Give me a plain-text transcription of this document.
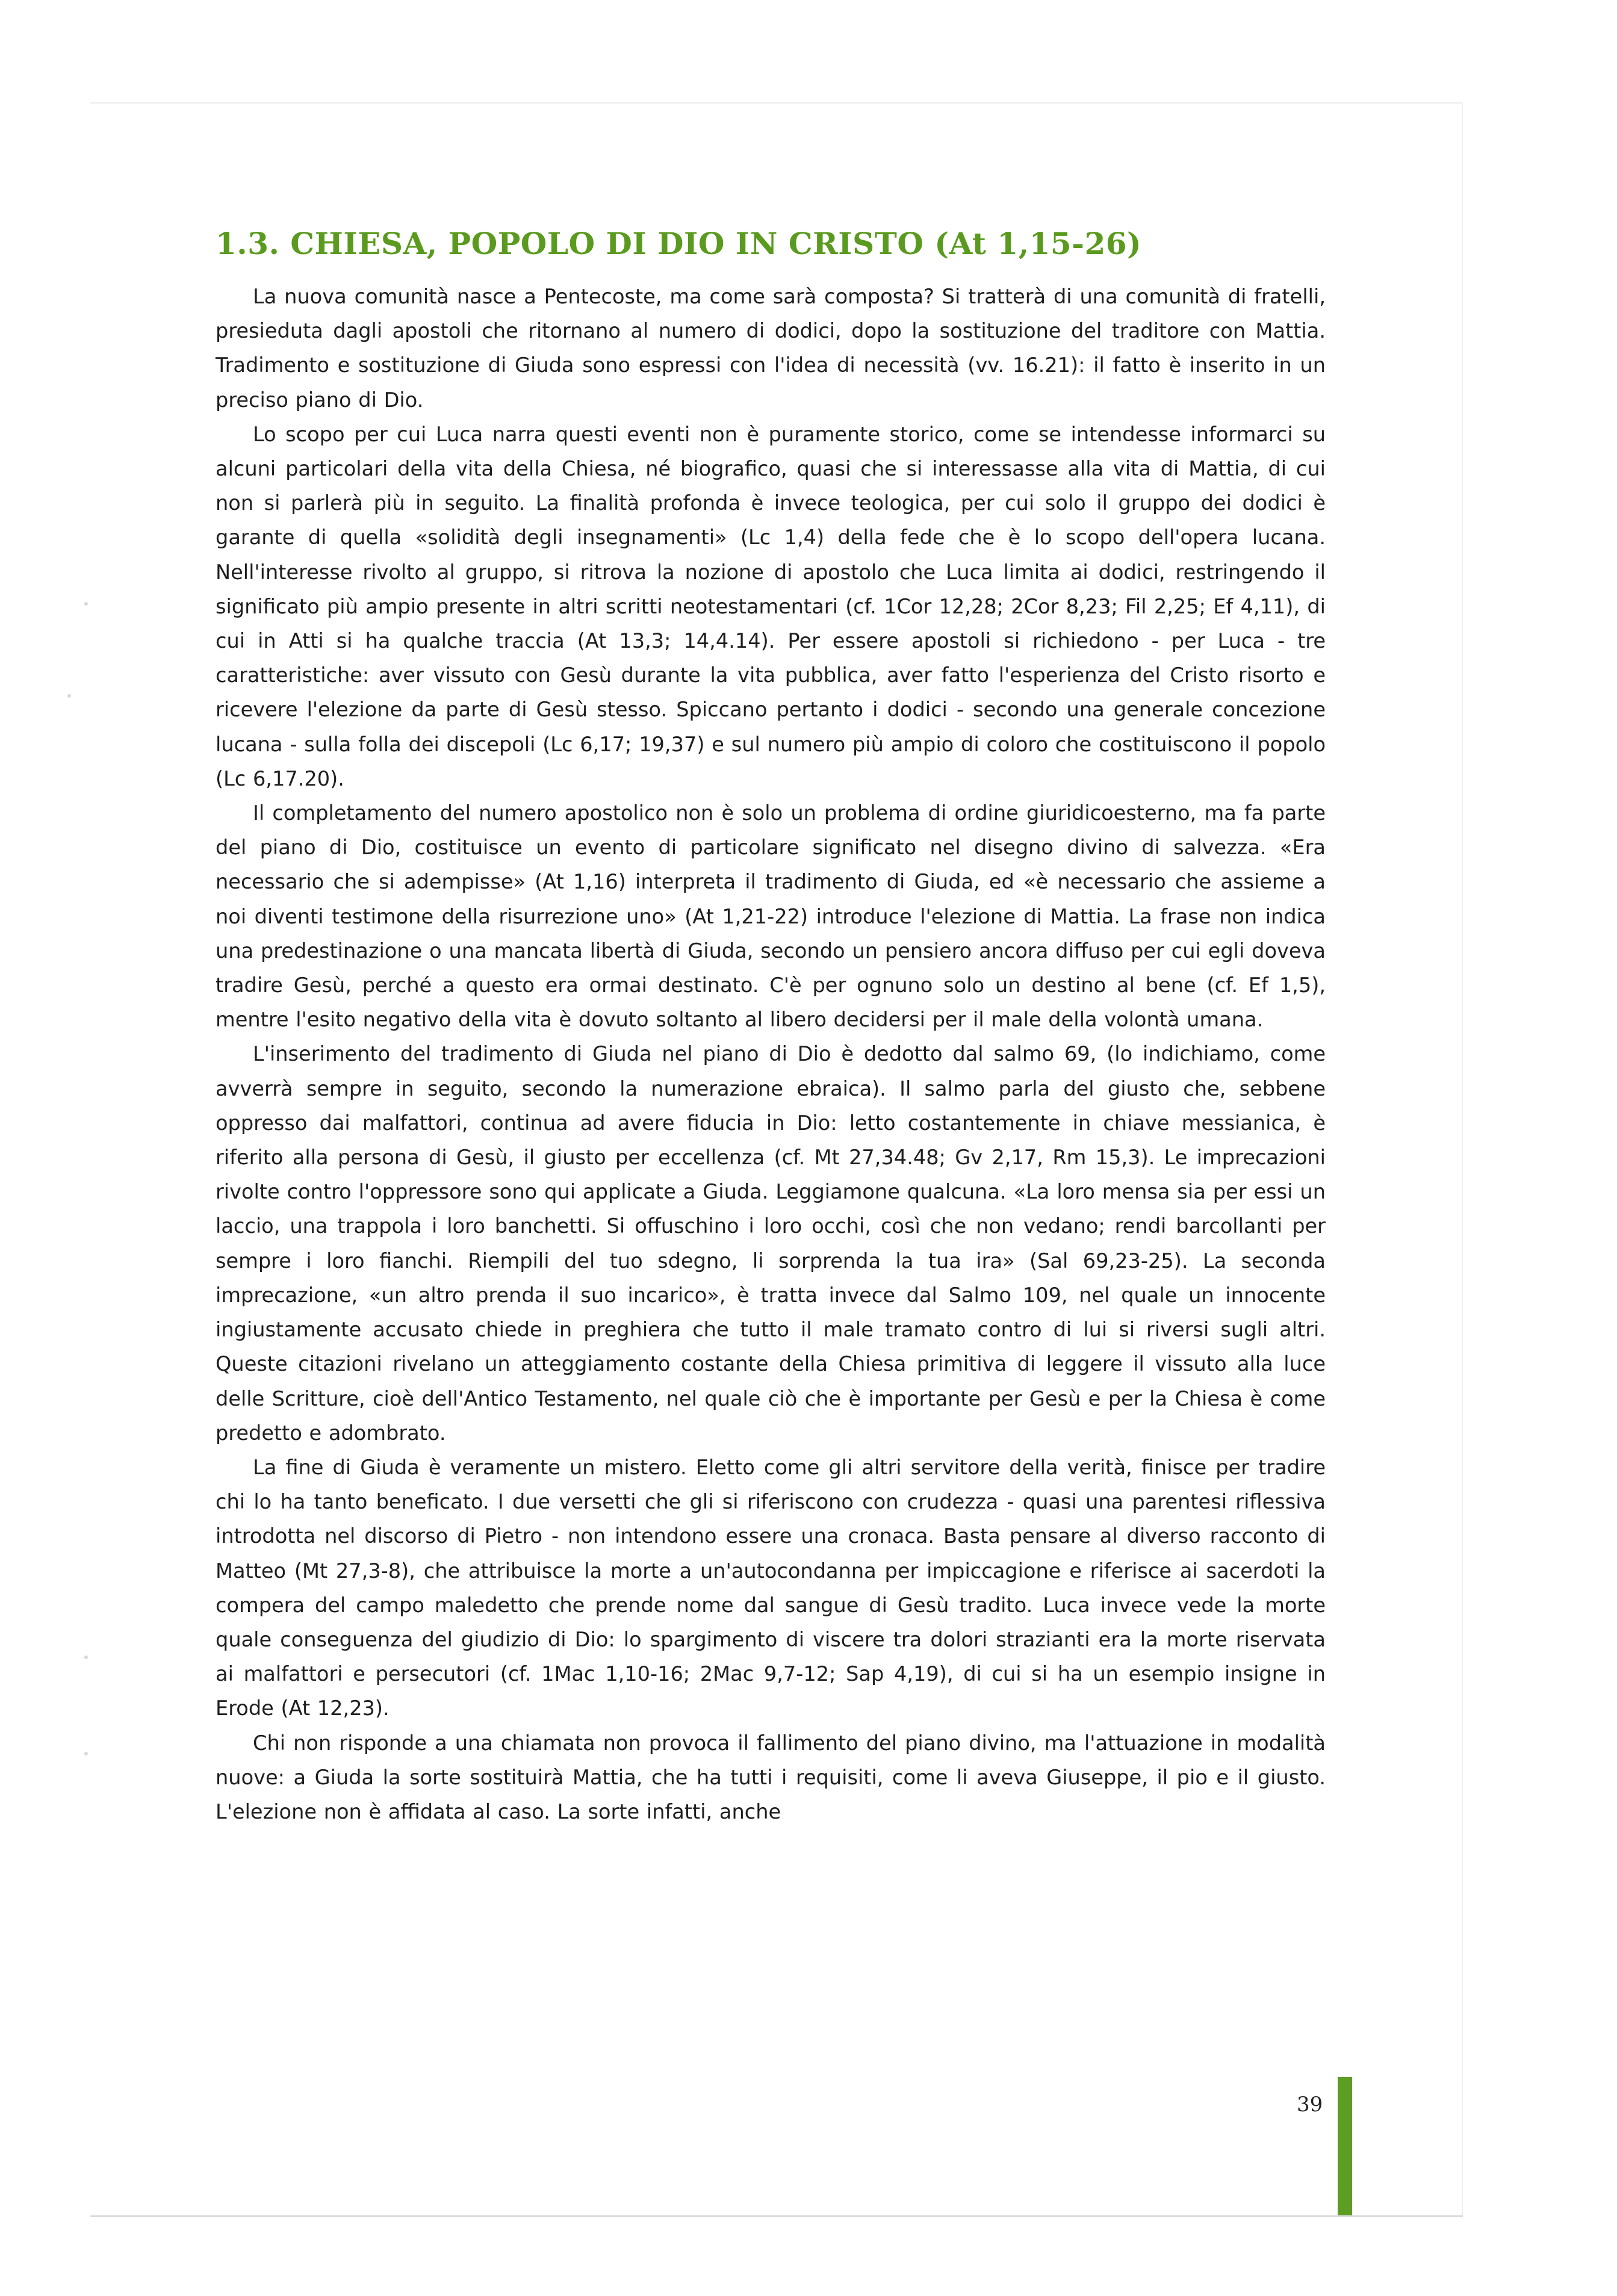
1.3. CHIESA, POPOLO DI DIO IN CRISTO (At 1,15-26)

La nuova comunità nasce a Pentecoste, ma come sarà composta? Si tratterà di una comunità di fratelli, presieduta dagli apostoli che ritornano al numero di dodici, dopo la sostituzione del traditore con Mattia. Tradimento e sostituzione di Giuda sono espressi con l'idea di necessità (vv. 16.21): il fatto è inserito in un preciso piano di Dio.

Lo scopo per cui Luca narra questi eventi non è puramente storico, come se intendesse informarci su alcuni particolari della vita della Chiesa, né biografico, quasi che si interessasse alla vita di Mattia, di cui non si parlerà più in seguito. La finalità profonda è invece teologica, per cui solo il gruppo dei dodici è garante di quella «solidità degli insegnamenti» (Lc 1,4) della fede che è lo scopo dell'opera lucana. Nell'interesse rivolto al gruppo, si ritrova la nozione di apostolo che Luca limita ai dodici, restringendo il significato più ampio presente in altri scritti neotestamentari (cf. 1Cor 12,28; 2Cor 8,23; Fil 2,25; Ef 4,11), di cui in Atti si ha qualche traccia (At 13,3; 14,4.14). Per essere apostoli si richiedono - per Luca - tre caratteristiche: aver vissuto con Gesù durante la vita pubblica, aver fatto l'esperienza del Cristo risorto e ricevere l'elezione da parte di Gesù stesso. Spiccano pertanto i dodici - secondo una generale concezione lucana - sulla folla dei discepoli (Lc 6,17; 19,37) e sul numero più ampio di coloro che costituiscono il popolo (Lc 6,17.20).

Il completamento del numero apostolico non è solo un problema di ordine giuridicoesterno, ma fa parte del piano di Dio, costituisce un evento di particolare significato nel disegno divino di salvezza. «Era necessario che si adempisse» (At 1,16) interpreta il tradimento di Giuda, ed «è necessario che assieme a noi diventi testimone della risurrezione uno» (At 1,21-22) introduce l'elezione di Mattia. La frase non indica una predestinazione o una mancata libertà di Giuda, secondo un pensiero ancora diffuso per cui egli doveva tradire Gesù, perché a questo era ormai destinato. C'è per ognuno solo un destino al bene (cf. Ef 1,5), mentre l'esito negativo della vita è dovuto soltanto al libero decidersi per il male della volontà umana.

L'inserimento del tradimento di Giuda nel piano di Dio è dedotto dal salmo 69, (lo indichiamo, come avverrà sempre in seguito, secondo la numerazione ebraica). Il salmo parla del giusto che, sebbene oppresso dai malfattori, continua ad avere fiducia in Dio: letto costantemente in chiave messianica, è riferito alla persona di Gesù, il giusto per eccellenza (cf. Mt 27,34.48; Gv 2,17, Rm 15,3). Le imprecazioni rivolte contro l'oppressore sono qui applicate a Giuda. Leggiamone qualcuna. «La loro mensa sia per essi un laccio, una trappola i loro banchetti. Si offuschino i loro occhi, così che non vedano; rendi barcollanti per sempre i loro fianchi. Riempili del tuo sdegno, li sorprenda la tua ira» (Sal 69,23-25). La seconda imprecazione, «un altro prenda il suo incarico», è tratta invece dal Salmo 109, nel quale un innocente ingiustamente accusato chiede in preghiera che tutto il male tramato contro di lui si riversi sugli altri. Queste citazioni rivelano un atteggiamento costante della Chiesa primitiva di leggere il vissuto alla luce delle Scritture, cioè dell'Antico Testamento, nel quale ciò che è importante per Gesù e per la Chiesa è come predetto e adombrato.

La fine di Giuda è veramente un mistero. Eletto come gli altri servitore della verità, finisce per tradire chi lo ha tanto beneficato. I due versetti che gli si riferiscono con crudezza - quasi una parentesi riflessiva introdotta nel discorso di Pietro - non intendono essere una cronaca. Basta pensare al diverso racconto di Matteo (Mt 27,3-8), che attribuisce la morte a un'autocondanna per impiccagione e riferisce ai sacerdoti la compera del campo maledetto che prende nome dal sangue di Gesù tradito. Luca invece vede la morte quale conseguenza del giudizio di Dio: lo spargimento di viscere tra dolori strazianti era la morte riservata ai malfattori e persecutori (cf. 1Mac 1,10-16; 2Mac 9,7-12; Sap 4,19), di cui si ha un esempio insigne in Erode (At 12,23).

Chi non risponde a una chiamata non provoca il fallimento del piano divino, ma l'attuazione in modalità nuove: a Giuda la sorte sostituirà Mattia, che ha tutti i requisiti, come li aveva Giuseppe, il pio e il giusto. L'elezione non è affidata al caso. La sorte infatti, anche

39
